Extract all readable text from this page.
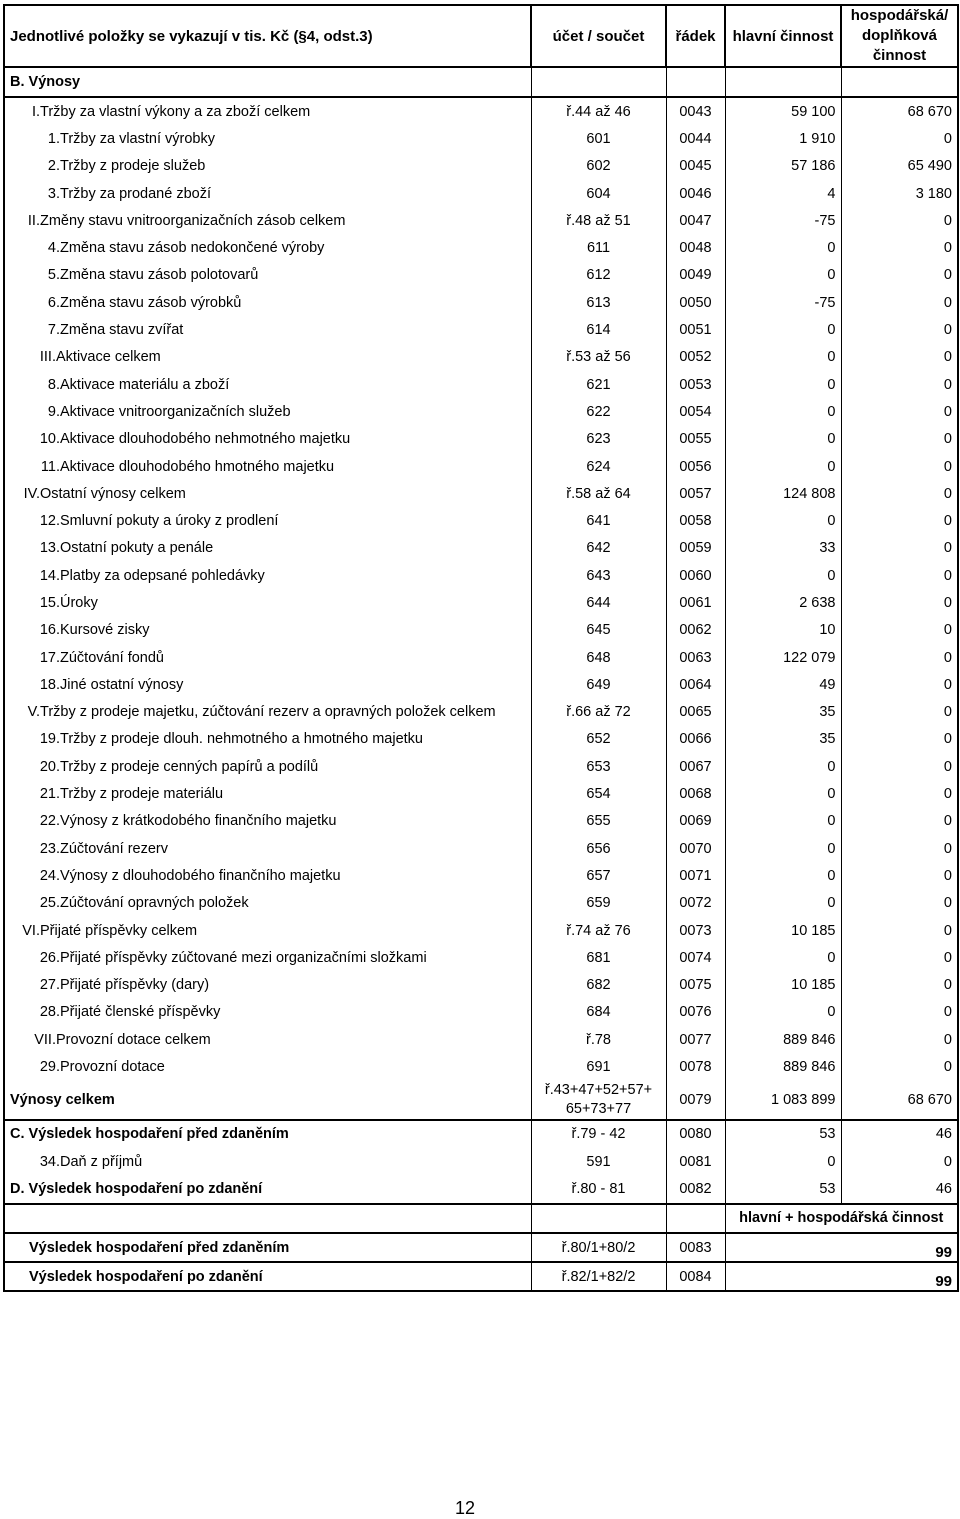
Jednotlivé položky se vykazují v tis. Kč (§4, odst.3)	účet / součet	řádek	hlavní činnost	hospodářská/ doplňková činnost
B. Výnosy				
I.Tržby za vlastní výkony a za zboží celkem	ř.44 až 46	0043	59 100	68 670
1.Tržby za vlastní výrobky	601	0044	1 910	0
2.Tržby z prodeje služeb	602	0045	57 186	65 490
3.Tržby za prodané zboží	604	0046	4	3 180
II.Změny stavu vnitroorganizačních zásob celkem	ř.48 až 51	0047	-75	0
4.Změna stavu zásob nedokončené výroby	611	0048	0	0
5.Změna stavu zásob polotovarů	612	0049	0	0
6.Změna stavu zásob výrobků	613	0050	-75	0
7.Změna stavu zvířat	614	0051	0	0
III.Aktivace celkem	ř.53 až 56	0052	0	0
8.Aktivace materiálu a zboží	621	0053	0	0
9.Aktivace vnitroorganizačních služeb	622	0054	0	0
10.Aktivace dlouhodobého nehmotného majetku	623	0055	0	0
11.Aktivace dlouhodobého hmotného majetku	624	0056	0	0
IV.Ostatní výnosy celkem	ř.58 až 64	0057	124 808	0
12.Smluvní pokuty a úroky z prodlení	641	0058	0	0
13.Ostatní pokuty a penále	642	0059	33	0
14.Platby za odepsané pohledávky	643	0060	0	0
15.Úroky	644	0061	2 638	0
16.Kursové zisky	645	0062	10	0
17.Zúčtování fondů	648	0063	122 079	0
18.Jiné ostatní výnosy	649	0064	49	0
V.Tržby z prodeje majetku, zúčtování rezerv a opravných položek celkem	ř.66 až 72	0065	35	0
19.Tržby z prodeje dlouh. nehmotného a hmotného majetku	652	0066	35	0
20.Tržby z prodeje cenných papírů a podílů	653	0067	0	0
21.Tržby z prodeje materiálu	654	0068	0	0
22.Výnosy z krátkodobého finančního majetku	655	0069	0	0
23.Zúčtování rezerv	656	0070	0	0
24.Výnosy z dlouhodobého finančního majetku	657	0071	0	0
25.Zúčtování opravných položek	659	0072	0	0
VI.Přijaté příspěvky celkem	ř.74 až 76	0073	10 185	0
26.Přijaté příspěvky zúčtované mezi organizačními složkami	681	0074	0	0
27.Přijaté příspěvky (dary)	682	0075	10 185	0
28.Přijaté členské příspěvky	684	0076	0	0
VII.Provozní dotace celkem	ř.78	0077	889 846	0
29.Provozní dotace	691	0078	889 846	0
Výnosy celkem	ř.43+47+52+57+ 65+73+77	0079	1 083 899	68 670
C. Výsledek hospodaření před zdaněním	ř.79 - 42	0080	53	46
34.Daň z příjmů	591	0081	0	0
D. Výsledek hospodaření po zdanění	ř.80 - 81	0082	53	46
			hlavní + hospodářská činnost	
Výsledek hospodaření před zdaněním	ř.80/1+80/2	0083	99	
Výsledek hospodaření po zdanění	ř.82/1+82/2	0084	99	
12
